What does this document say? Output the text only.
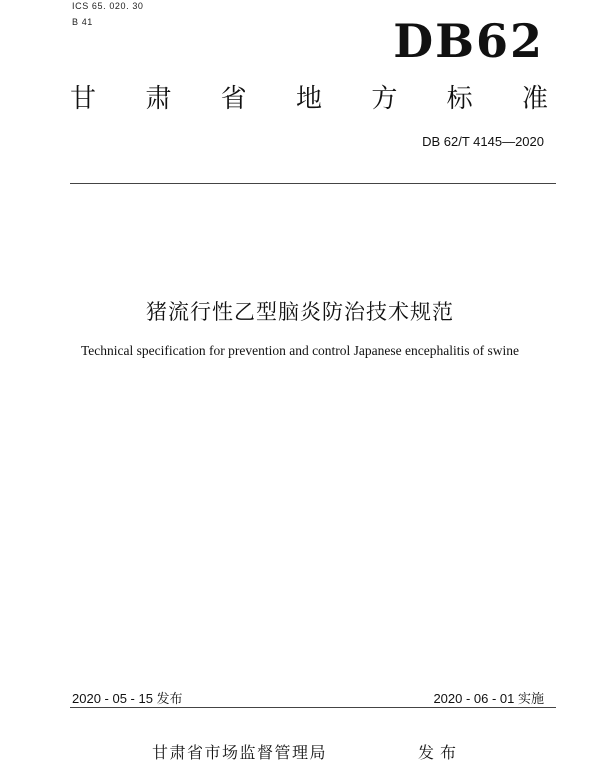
ICS 65. 020. 30
B 41	DB62
甘 肃 省 地 方 标 准
DB 62/T 4145—2020
猪流行性乙型脑炎防治技术规范
Technical specification for prevention and control Japanese encephalitis of swine
2020 - 05 - 15 发布	2020 - 06 - 01 实施
甘肃省市场监督管理局	发布
